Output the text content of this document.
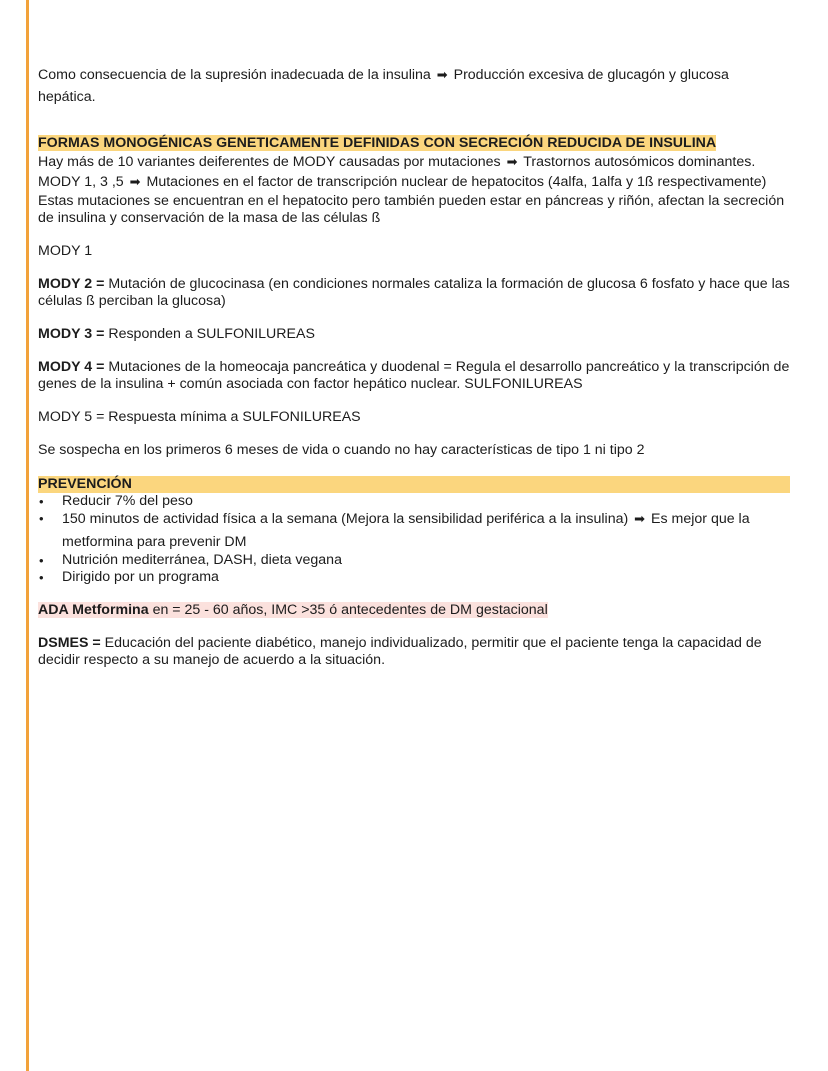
Como consecuencia de la supresión inadecuada de la insulina ➡ Producción excesiva de glucagón y glucosa hepática.

FORMAS MONOGÉNICAS GENETICAMENTE DEFINIDAS CON SECRECIÓN REDUCIDA DE INSULINA

Hay más de 10 variantes deiferentes de MODY causadas por mutaciones ➡ Trastornos autosómicos dominantes.

MODY 1, 3 ,5 ➡ Mutaciones en el factor de transcripción nuclear de hepatocitos (4alfa, 1alfa y 1ß respectivamente)

Estas mutaciones se encuentran en el hepatocito pero también pueden estar en páncreas y riñón, afectan la secreción de insulina y conservación de la masa de las células ß

MODY 1

MODY 2 = Mutación de glucocinasa (en condiciones normales cataliza la formación de glucosa 6 fosfato y hace que las células ß perciban la glucosa)

MODY 3 = Responden a SULFONILUREAS

MODY 4 = Mutaciones de la homeocaja pancreática y duodenal = Regula el desarrollo pancreático y la transcripción de genes de la insulina + común asociada con factor hepático nuclear. SULFONILUREAS

MODY 5 = Respuesta mínima a SULFONILUREAS

Se sospecha en los primeros 6 meses de vida o cuando no hay características de tipo 1 ni tipo 2

PREVENCIÓN
• Reducir 7% del peso
• 150 minutos de actividad física a la semana (Mejora la sensibilidad periférica a la insulina) ➡ Es mejor que la metformina para prevenir DM
• Nutrición mediterránea, DASH, dieta vegana
• Dirigido por un programa

ADA Metformina en = 25 - 60 años, IMC >35 ó antecedentes de DM gestacional

DSMES = Educación del paciente diabético, manejo individualizado, permitir que el paciente tenga la capacidad de decidir respecto a su manejo de acuerdo a la situación.
